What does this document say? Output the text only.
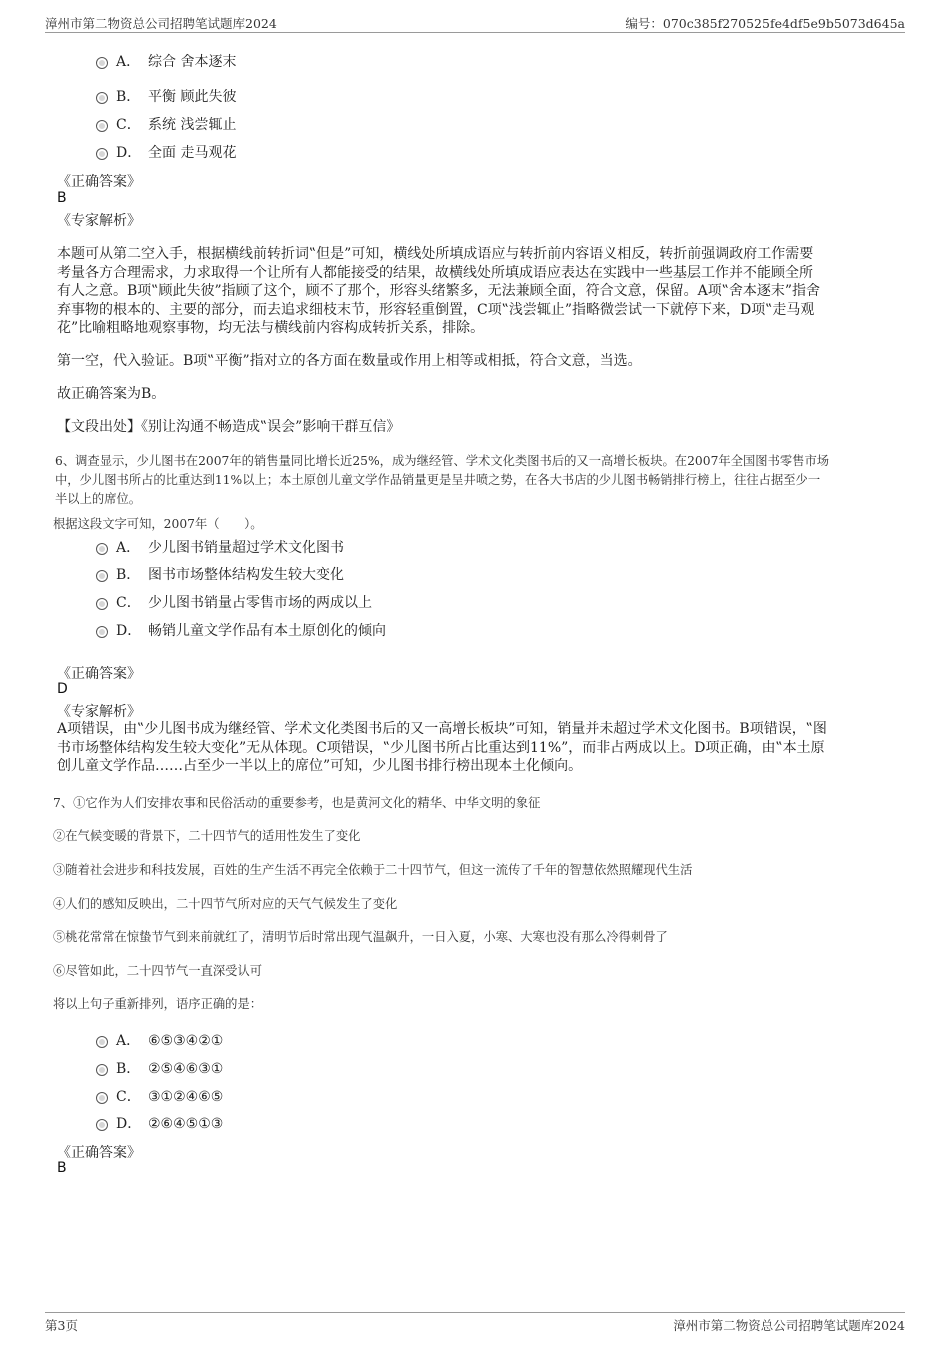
漳州市第二物资总公司招聘笔试题库2024	编号：070c385f270525fe4df5e9b5073d645a
A． 综合 舍本逐末
B． 平衡 顾此失彼
C． 系统 浅尝辄止
D． 全面 走马观花
《正确答案》
B
《专家解析》
本题可从第二空入手，根据横线前转折词‟但是”可知，横线处所填成语应与转折前内容语义相反，转折前强调政府工作需要
考量各方合理需求，力求取得一个让所有人都能接受的结果，故横线处所填成语应表达在实践中一些基层工作并不能顾全所
有人之意。B项‟顾此失彼”指顾了这个，顾不了那个，形容头绪繁多，无法兼顾全面，符合文意，保留。A项‟舍本逐末”指舍
弃事物的根本的、主要的部分，而去追求细枝末节，形容轻重倒置，C项‟浅尝辄止”指略微尝试一下就停下来，D项‟走马观
花”比喻粗略地观察事物，均无法与横线前内容构成转折关系，排除。
第一空，代入验证。B项‟平衡”指对立的各方面在数量或作用上相等或相抵，符合文意，当选。
故正确答案为B。
【文段出处】《别让沟通不畅造成‟误会”影响干群互信》
6、调查显示，少儿图书在2007年的销售量同比增长近25%，成为继经管、学术文化类图书后的又一高增长板块。在2007年全国图书零售市场
中，少儿图书所占的比重达到11%以上；本土原创儿童文学作品销量更是呈井喷之势，在各大书店的少儿图书畅销排行榜上，往往占据至少一
半以上的席位。
根据这段文字可知，2007年（　　）。
A． 少儿图书销量超过学术文化图书
B． 图书市场整体结构发生较大变化
C． 少儿图书销量占零售市场的两成以上
D． 畅销儿童文学作品有本土原创化的倾向
《正确答案》
D
《专家解析》
A项错误，由‟少儿图书成为继经管、学术文化类图书后的又一高增长板块”可知，销量并未超过学术文化图书。B项错误，‟图
书市场整体结构发生较大变化”无从体现。C项错误，‟少儿图书所占比重达到11%”，而非占两成以上。D项正确，由‟本土原
创儿童文学作品……占至少一半以上的席位”可知，少儿图书排行榜出现本土化倾向。
7、①它作为人们安排农事和民俗活动的重要参考，也是黄河文化的精华、中华文明的象征
②在气候变暖的背景下，二十四节气的适用性发生了变化
③随着社会进步和科技发展，百姓的生产生活不再完全依赖于二十四节气，但这一流传了千年的智慧依然照耀现代生活
④人们的感知反映出，二十四节气所对应的天气气候发生了变化
⑤桃花常常在惊蛰节气到来前就红了，清明节后时常出现气温飙升，一日入夏，小寒、大寒也没有那么冷得刺骨了
⑥尽管如此，二十四节气一直深受认可
将以上句子重新排列，语序正确的是：
A． ⑥⑤③④②①
B． ②⑤④⑥③①
C． ③①②④⑥⑤
D． ②⑥④⑤①③
《正确答案》
B
第3页	漳州市第二物资总公司招聘笔试题库2024
